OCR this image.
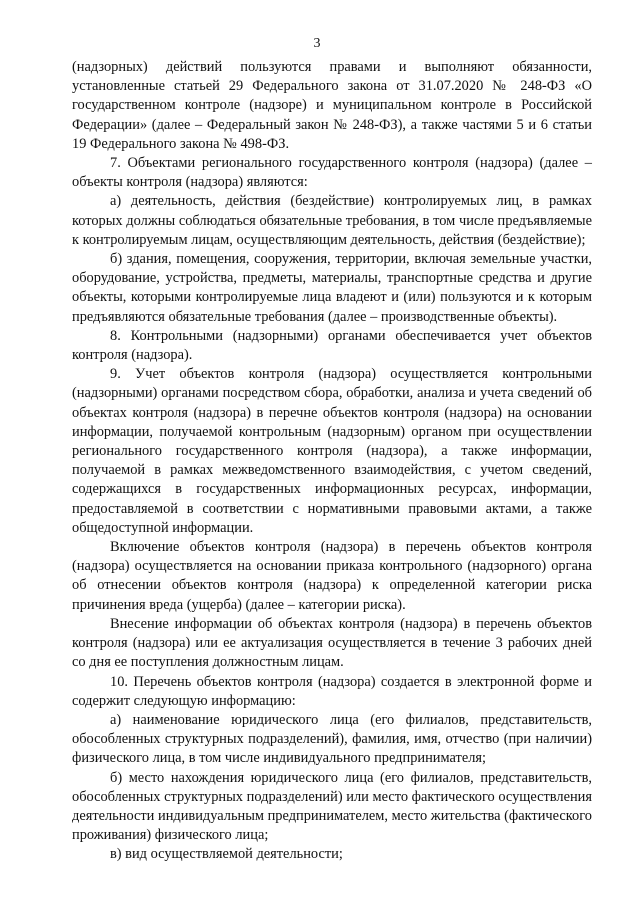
3

(надзорных) действий пользуются правами и выполняют обязанности, установленные статьей 29 Федерального закона от 31.07.2020 № 248-ФЗ «О государственном контроле (надзоре) и муниципальном контроле в Российской Федерации» (далее – Федеральный закон № 248-ФЗ), а также частями 5 и 6 статьи 19 Федерального закона № 498-ФЗ.

7. Объектами регионального государственного контроля (надзора) (далее – объекты контроля (надзора) являются:

а) деятельность, действия (бездействие) контролируемых лиц, в рамках которых должны соблюдаться обязательные требования, в том числе предъявляемые к контролируемым лицам, осуществляющим деятельность, действия (бездействие);

б) здания, помещения, сооружения, территории, включая земельные участки, оборудование, устройства, предметы, материалы, транспортные средства и другие объекты, которыми контролируемые лица владеют и (или) пользуются и к которым предъявляются обязательные требования (далее – производственные объекты).

8. Контрольными (надзорными) органами обеспечивается учет объектов контроля (надзора).

9. Учет объектов контроля (надзора) осуществляется контрольными (надзорными) органами посредством сбора, обработки, анализа и учета сведений об объектах контроля (надзора) в перечне объектов контроля (надзора) на основании информации, получаемой контрольным (надзорным) органом при осуществлении регионального государственного контроля (надзора), а также информации, получаемой в рамках межведомственного взаимодействия, с учетом сведений, содержащихся в государственных информационных ресурсах, информации, предоставляемой в соответствии с нормативными правовыми актами, а также общедоступной информации.

Включение объектов контроля (надзора) в перечень объектов контроля (надзора) осуществляется на основании приказа контрольного (надзорного) органа об отнесении объектов контроля (надзора) к определенной категории риска причинения вреда (ущерба) (далее – категории риска).

Внесение информации об объектах контроля (надзора) в перечень объектов контроля (надзора) или ее актуализация осуществляется в течение 3 рабочих дней со дня ее поступления должностным лицам.

10. Перечень объектов контроля (надзора) создается в электронной форме и содержит следующую информацию:

а) наименование юридического лица (его филиалов, представительств, обособленных структурных подразделений), фамилия, имя, отчество (при наличии) физического лица, в том числе индивидуального предпринимателя;

б) место нахождения юридического лица (его филиалов, представительств, обособленных структурных подразделений) или место фактического осуществления деятельности индивидуальным предпринимателем, место жительства (фактического проживания) физического лица;

в) вид осуществляемой деятельности;
